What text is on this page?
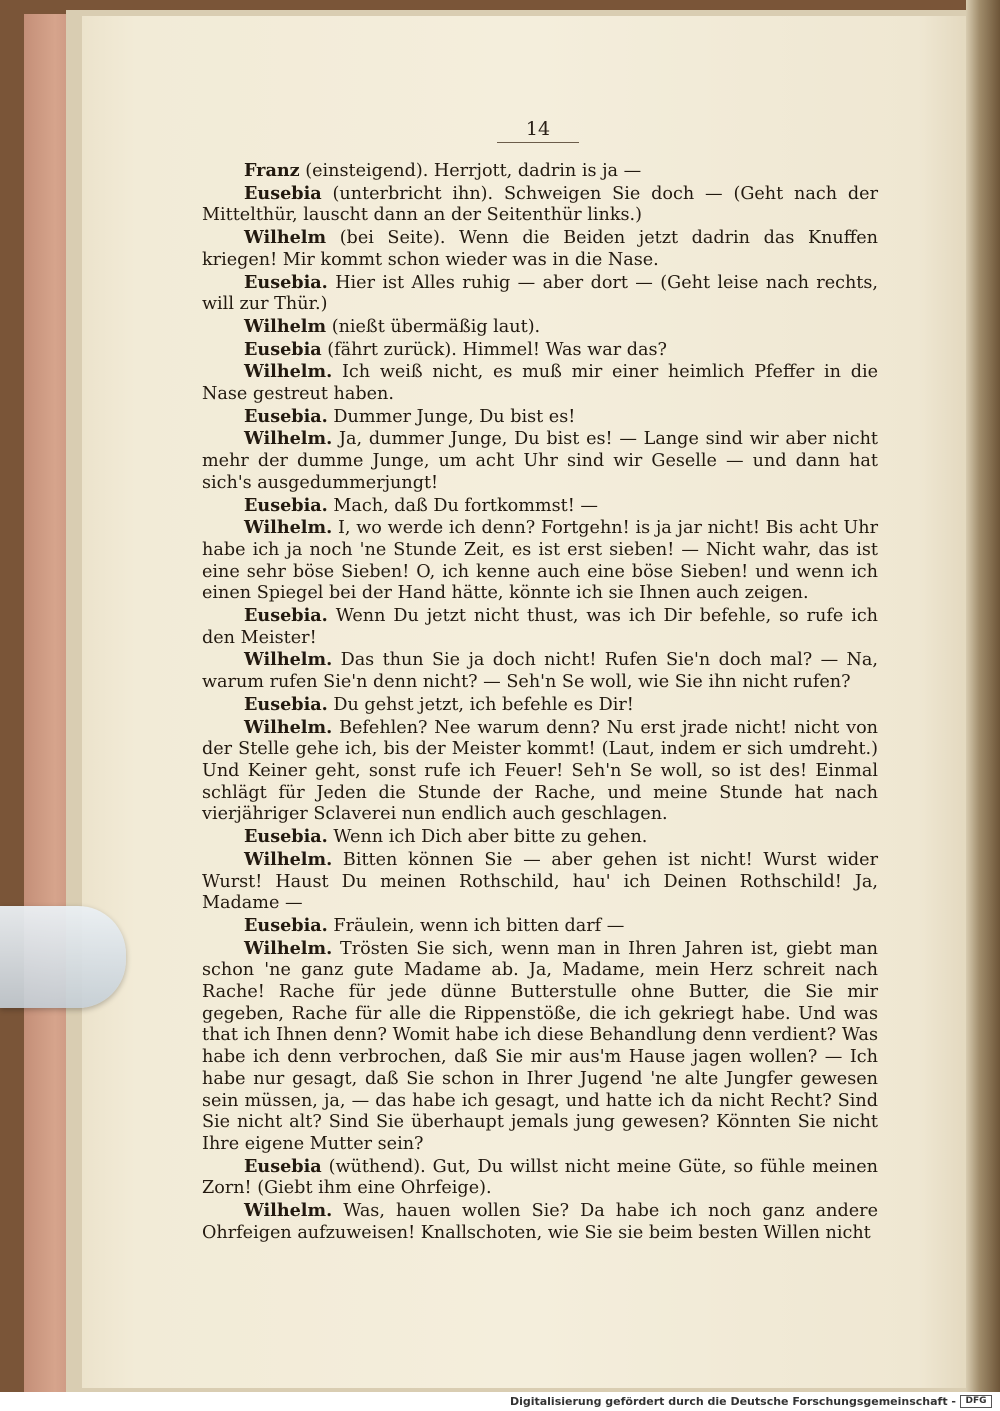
14

Franz (einsteigend). Herrjott, dadrin is ja —

Eusebia (unterbricht ihn). Schweigen Sie doch — (Geht nach der Mittelthür, lauscht dann an der Seitenthür links.)

Wilhelm (bei Seite). Wenn die Beiden jetzt dadrin das Knuffen kriegen! Mir kommt schon wieder was in die Nase.

Eusebia. Hier ist Alles ruhig — aber dort — (Geht leise nach rechts, will zur Thür.)

Wilhelm (nießt übermäßig laut).

Eusebia (fährt zurück). Himmel! Was war das?

Wilhelm. Ich weiß nicht, es muß mir einer heimlich Pfeffer in die Nase gestreut haben.

Eusebia. Dummer Junge, Du bist es!

Wilhelm. Ja, dummer Junge, Du bist es! — Lange sind wir aber nicht mehr der dumme Junge, um acht Uhr sind wir Geselle — und dann hat sich's ausgedummerjungt!

Eusebia. Mach, daß Du fortkommst! —

Wilhelm. I, wo werde ich denn? Fortgehn! is ja jar nicht! Bis acht Uhr habe ich ja noch 'ne Stunde Zeit, es ist erst sieben! — Nicht wahr, das ist eine sehr böse Sieben! O, ich kenne auch eine böse Sieben! und wenn ich einen Spiegel bei der Hand hätte, könnte ich sie Ihnen auch zeigen.

Eusebia. Wenn Du jetzt nicht thust, was ich Dir befehle, so rufe ich den Meister!

Wilhelm. Das thun Sie ja doch nicht! Rufen Sie'n doch mal? — Na, warum rufen Sie'n denn nicht? — Seh'n Se woll, wie Sie ihn nicht rufen?

Eusebia. Du gehst jetzt, ich befehle es Dir!

Wilhelm. Befehlen? Nee warum denn? Nu erst jrade nicht! nicht von der Stelle gehe ich, bis der Meister kommt! (Laut, indem er sich umdreht.) Und Keiner geht, sonst rufe ich Feuer! Seh'n Se woll, so ist des! Einmal schlägt für Jeden die Stunde der Rache, und meine Stunde hat nach vierjähriger Sclaverei nun endlich auch geschlagen.

Eusebia. Wenn ich Dich aber bitte zu gehen.

Wilhelm. Bitten können Sie — aber gehen ist nicht! Wurst wider Wurst! Haust Du meinen Rothschild, hau' ich Deinen Rothschild! Ja, Madame —

Eusebia. Fräulein, wenn ich bitten darf —

Wilhelm. Trösten Sie sich, wenn man in Ihren Jahren ist, giebt man schon 'ne ganz gute Madame ab. Ja, Madame, mein Herz schreit nach Rache! Rache für jede dünne Butterstulle ohne Butter, die Sie mir gegeben, Rache für alle die Rippenstöße, die ich gekriegt habe. Und was that ich Ihnen denn? Womit habe ich diese Behandlung denn verdient? Was habe ich denn verbrochen, daß Sie mir aus'm Hause jagen wollen? — Ich habe nur gesagt, daß Sie schon in Ihrer Jugend 'ne alte Jungfer gewesen sein müssen, ja, — das habe ich gesagt, und hatte ich da nicht Recht? Sind Sie nicht alt? Sind Sie überhaupt jemals jung gewesen? Könnten Sie nicht Ihre eigene Mutter sein?

Eusebia (wüthend). Gut, Du willst nicht meine Güte, so fühle meinen Zorn! (Giebt ihm eine Ohrfeige).

Wilhelm. Was, hauen wollen Sie? Da habe ich noch ganz andere Ohrfeigen aufzuweisen! Knallschoten, wie Sie sie beim besten Willen nicht

Digitalisierung gefördert durch die Deutsche Forschungsgemeinschaft -	DFG
